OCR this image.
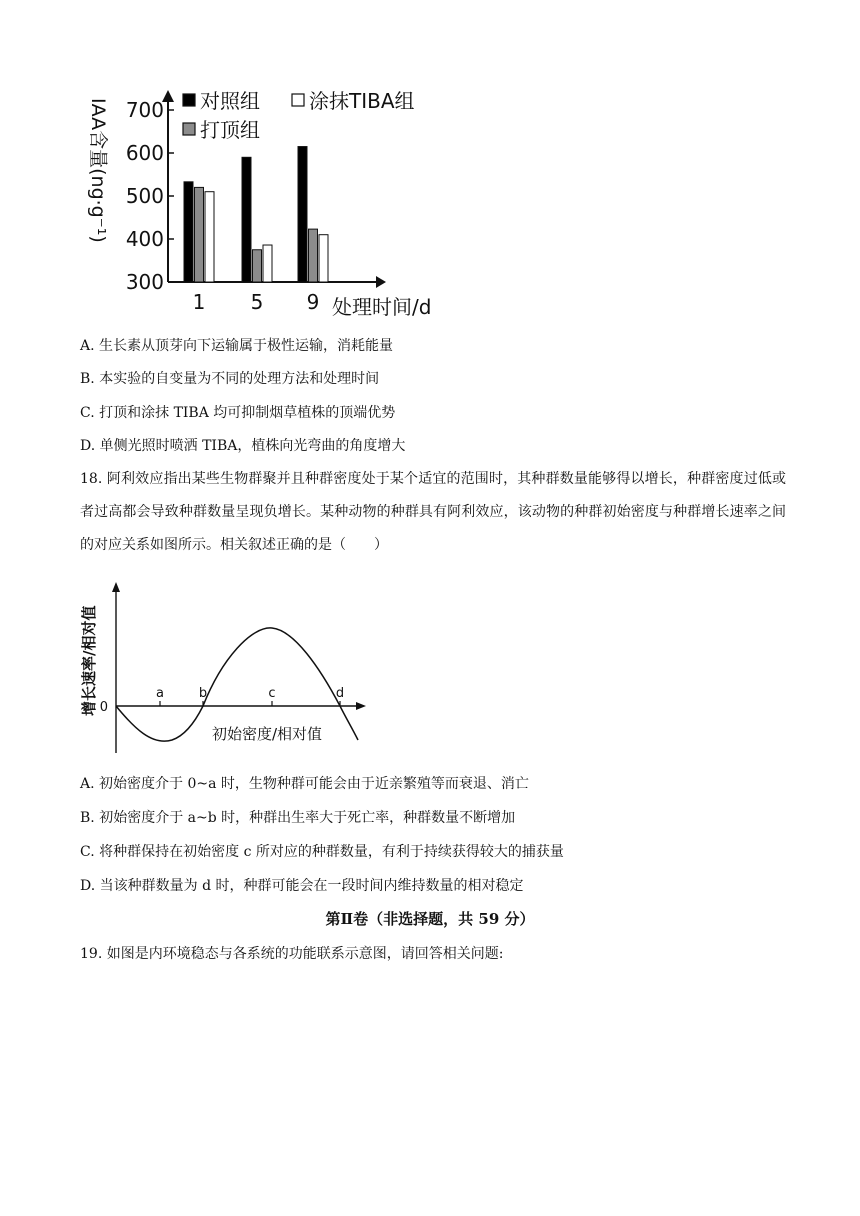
300
400
500
600
700
1 5 9 处理时间/d
IAA含量(ng·g⁻¹)	对照组 涂抹TIBA组
打顶组
A. 生长素从顶芽向下运输属于极性运输，消耗能量
B. 本实验的自变量为不同的处理方法和处理时间
C. 打顶和涂抹 TIBA 均可抑制烟草植株的顶端优势
D. 单侧光照时喷洒 TIBA，植株向光弯曲的角度增大
18. 阿利效应指出某些生物群聚并且种群密度处于某个适宜的范围时，其种群数量能够得以增长，种群密度过低或者过高都会导致种群数量呈现负增长。某种动物的种群具有阿利效应，该动物的种群初始密度与种群增长速率之间的对应关系如图所示。相关叙述正确的是（　　）
a	b	c	d
0
初始密度/相对值
增长速率/相对值
A. 初始密度介于 0~a 时，生物种群可能会由于近亲繁殖等而衰退、消亡
B. 初始密度介于 a~b 时，种群出生率大于死亡率，种群数量不断增加
C. 将种群保持在初始密度 c 所对应的种群数量，有利于持续获得较大的捕获量
D. 当该种群数量为 d 时，种群可能会在一段时间内维持数量的相对稳定
第Ⅱ卷（非选择题，共 59 分）
19. 如图是内环境稳态与各系统的功能联系示意图，请回答相关问题:
